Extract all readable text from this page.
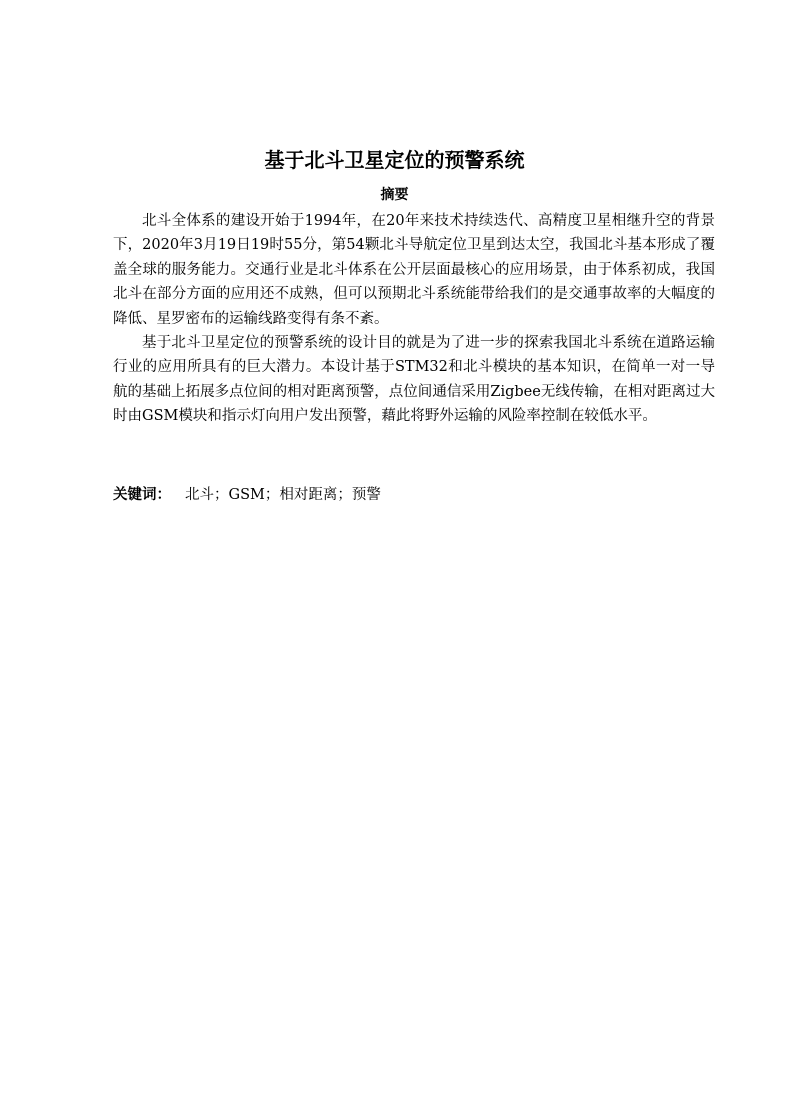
基于北斗卫星定位的预警系统
摘要

北斗全体系的建设开始于1994年，在20年来技术持续迭代、高精度卫星相继升空的背景下，2020年3月19日19时55分，第54颗北斗导航定位卫星到达太空，我国北斗基本形成了覆盖全球的服务能力。交通行业是北斗体系在公开层面最核心的应用场景，由于体系初成，我国北斗在部分方面的应用还不成熟，但可以预期北斗系统能带给我们的是交通事故率的大幅度的降低、星罗密布的运输线路变得有条不紊。

基于北斗卫星定位的预警系统的设计目的就是为了进一步的探索我国北斗系统在道路运输行业的应用所具有的巨大潜力。本设计基于STM32和北斗模块的基本知识，在简单一对一导航的基础上拓展多点位间的相对距离预警，点位间通信采用Zigbee无线传输，在相对距离过大时由GSM模块和指示灯向用户发出预警，藉此将野外运输的风险率控制在较低水平。

关键词： 北斗；GSM；相对距离；预警
